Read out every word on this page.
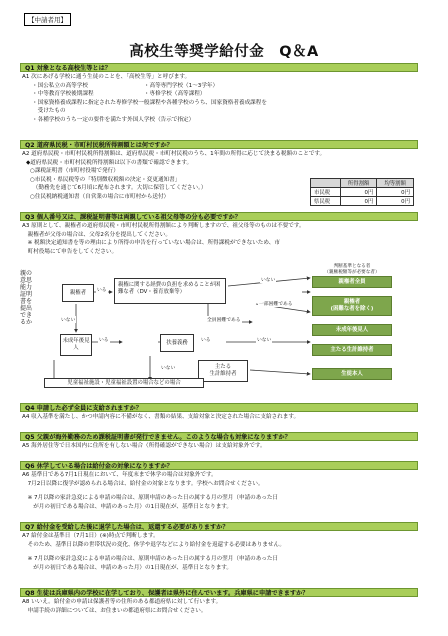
【中請者用】
高校生等奨学給付金　Q＆A
Q1 対象となる高校生等とは？
A1 次にあげる学校に通う生徒のことを、「高校生等」と呼びます。
・国公私立の高等学校　　　　　　　　　　・高等専門学校（1～3学年）
・中等教育学校後期課程　　　　　　　　　・専修学校（高等課程）
・国家資格養成課程に指定された専修学校一般課程や各種学校のうち、国家資格者養成課程を
　受けたもの
・各種学校のうち一定の要件を満たす外国人学校（告示で指定）
Q2 道府県民税・市町村民税所得割額とは何ですか？
A2 道府県民税・市町村民税所得割額は、道府県民税・市町村民税のうち、1年間の所得に応じて決まる税額のことです。
◆道府県民税・市町村民税所得割額は以下の書類で確認できます。
○課税証明書（市町村役場で発行）
○市民税・県民税等の「特別徴収税額の決定・変更通知書」
　（勤務先を通じて6月頃に配布されます。大切に保管してください。）
○住民税納税通知書（自営業の場合に市町村から送付）
	所得割額	均等割額
市民税	0円	0円
県民税	0円	0円
Q3 個人番号又は、課税証明書等は両親している祖父母等の分も必要ですか？
A3 原則として、親権者の道府県民税・市町村民税所得割額により判断しますので、祖父母等のものは不要です。
　親権者が父母の場合は、父母2名分を提出してください。
　※ 税額決定通知書を等の理由により所得の申告を行っていない場合は、所得課税ができないため、市
　町村役場にて申告をしてください。
親の意思能力証明書を提出できるか
親権者
親権に関する経費の負担を求めることが困難な者（DV・養育放棄等）
未成年後見人
扶養義務
主たる
生計維持者
児童福祉施設・児童福祉設置の場合などの場合
判断基準となる者
（親権税額等が必要な者）
親権者全員
親権者
(困難な者を除く)
未成年後見人
主たる生計維持者
生徒本人
いる
いない
いる
いない
いない
全員困難である
一部困難である
いない
いる
Q4 申請した必ず全員に支給されますか？
A4 収入基準を満たし、かつ申請内容に不備がなく、書類の結果、支給対象と決定された場合に支給されます。
Q5 父親が海外勤務のため課税証明書が発行できません。このような場合も対象になりますか？
A5 海外居住等で日本国内に住所を有しない場合（所得確認ができない場合）は支給対象外です。
Q6 休学している場合は給付金の対象になりますか？
A6 基準日である7月1日現在において、年度末まで休学の場合は対象外です。
　7月2日以降に復学が認められる場合は、給付金の対象となります。学校へお問合せください。
　※ 7月以降の家計急変による申請の場合は、原則申請のあった日の属する月の翌月（申請のあった日
　　が月の初日である場合は、申請のあった月）の1日現在が、基準日となります。
Q7 給付金を受給した後に退学した場合は、返還する必要がありますか？
A7 給付金は基準日（7月1日）(※)時点で判断します。
　そのため、基準日以降の世帯状況の変化、休学や退学などにより給付金を返還する必要はありません。
　※ 7月以降の家計急変による申請の場合は、原則申請のあった日の属する月の翌月（申請のあった日
　　が月の初日である場合は、申請のあった月）の1日現在が、基準日となります。
Q8 生徒は兵庫県内の学校に在学しており、保護者は県外に住んでいます。兵庫県に申請できますか？
A8 いいえ。給付金の申請は保護者等の住所のある都道府県に対して行います。
　申請手続の詳細については、お住まいの都道府県にお問合せください。
